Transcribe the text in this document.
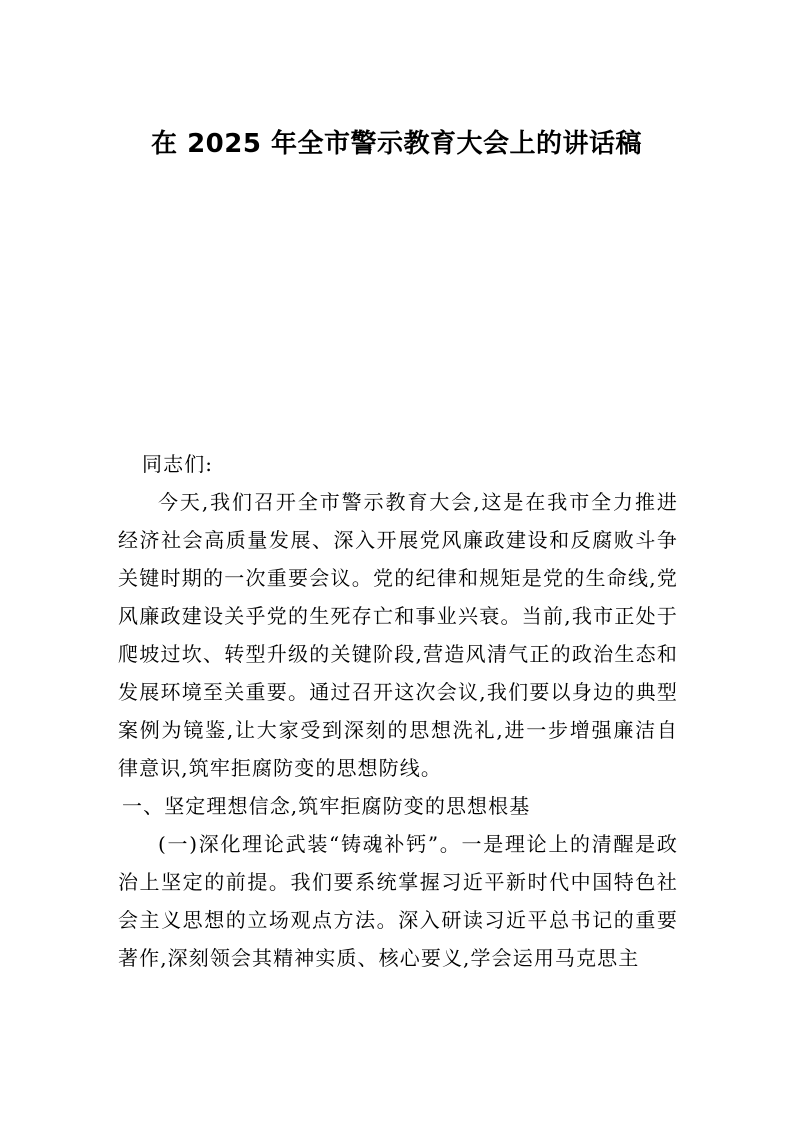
在 2025 年全市警示教育大会上的讲话稿

同志们:

今天,我们召开全市警示教育大会,这是在我市全力推进经济社会高质量发展、深入开展党风廉政建设和反腐败斗争关键时期的一次重要会议。党的纪律和规矩是党的生命线,党风廉政建设关乎党的生死存亡和事业兴衰。当前,我市正处于爬坡过坎、转型升级的关键阶段,营造风清气正的政治生态和发展环境至关重要。通过召开这次会议,我们要以身边的典型案例为镜鉴,让大家受到深刻的思想洗礼,进一步增强廉洁自律意识,筑牢拒腐防变的思想防线。

一、坚定理想信念,筑牢拒腐防变的思想根基

(一)深化理论武装“铸魂补钙”。一是理论上的清醒是政治上坚定的前提。我们要系统掌握习近平新时代中国特色社会主义思想的立场观点方法。深入研读习近平总书记的重要著作,深刻领会其精神实质、核心要义,学会运用马克思主
